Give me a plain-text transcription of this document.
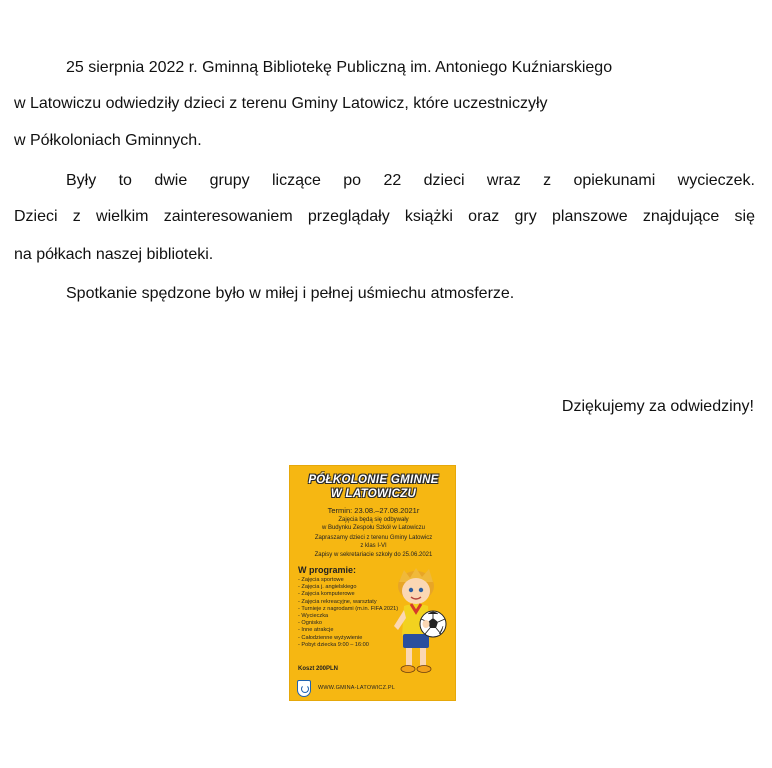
25 sierpnia 2022 r. Gminną Bibliotekę Publiczną im. Antoniego Kuźniarskiego
w Latowiczu odwiedziły dzieci z terenu Gminy Latowicz, które uczestniczyły
w Półkoloniach Gminnych.
Były to dwie grupy liczące po 22 dzieci wraz z opiekunami wycieczek.
Dzieci z wielkim zainteresowaniem przeglądały książki oraz gry planszowe znajdujące się
na półkach naszej biblioteki.
Spotkanie spędzone było w miłej i pełnej uśmiechu atmosferze.
Dziękujemy za odwiedziny!
PÓŁKOLONIE GMINNE
W LATOWICZU
Termin: 23.08.–27.08.2021r
Zajęcia będą się odbywały
w Budynku Zespołu Szkół w Latowiczu
Zapraszamy dzieci z terenu Gminy Latowicz
z klas I-VI
Zapisy w sekretariacie szkoły do 25.06.2021
W programie:
- Zajęcia sportowe
- Zajęcia j. angielskiego
- Zajęcia komputerowe
- Zajęcia rekreacyjne, warsztaty
- Turnieje z nagrodami (m.in. FIFA 2021)
- Wycieczka
- Ognisko
- Inne atrakcje
- Całodzienne wyżywienie
- Pobyt dziecka 9:00 – 16:00
Koszt 200PLN
WWW.GMINA-LATOWICZ.PL
